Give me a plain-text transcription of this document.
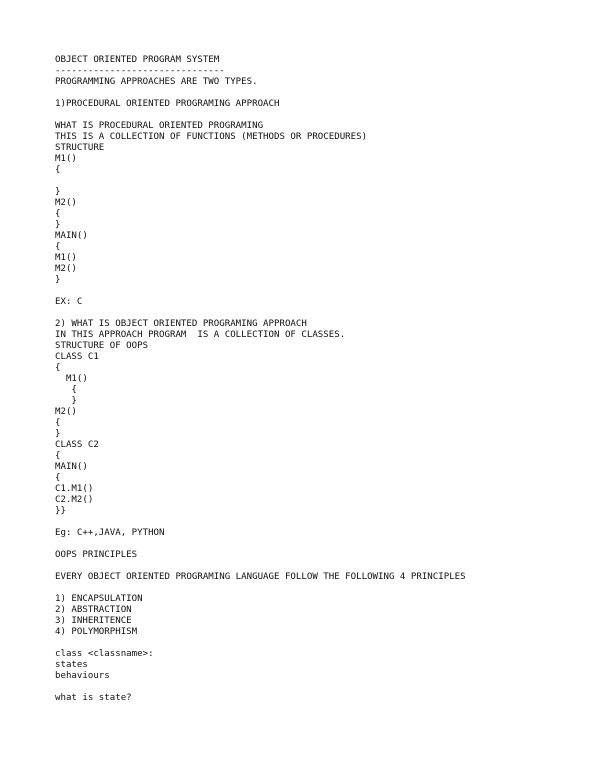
OBJECT ORIENTED PROGRAM SYSTEM
-------------------------------
PROGRAMMING APPROACHES ARE TWO TYPES.
1)PROCEDURAL ORIENTED PROGRAMING APPROACH
WHAT IS PROCEDURAL ORIENTED PROGRAMING
THIS IS A COLLECTION OF FUNCTIONS (METHODS OR PROCEDURES)
STRUCTURE
M1()
{
}
M2()
{
}
MAIN()
{
M1()
M2()
}
EX: C
2) WHAT IS OBJECT ORIENTED PROGRAMING APPROACH
IN THIS APPROACH PROGRAM  IS A COLLECTION OF CLASSES.
STRUCTURE OF OOPS
CLASS C1
{
M1()
{
}
M2()
{
}
CLASS C2
{
MAIN()
{
C1.M1()
C2.M2()
}}
Eg: C++,JAVA, PYTHON
OOPS PRINCIPLES
EVERY OBJECT ORIENTED PROGRAMING LANGUAGE FOLLOW THE FOLLOWING 4 PRINCIPLES
1) ENCAPSULATION
2) ABSTRACTION
3) INHERITENCE
4) POLYMORPHISM
class <classname>:
states
behaviours
what is state?
